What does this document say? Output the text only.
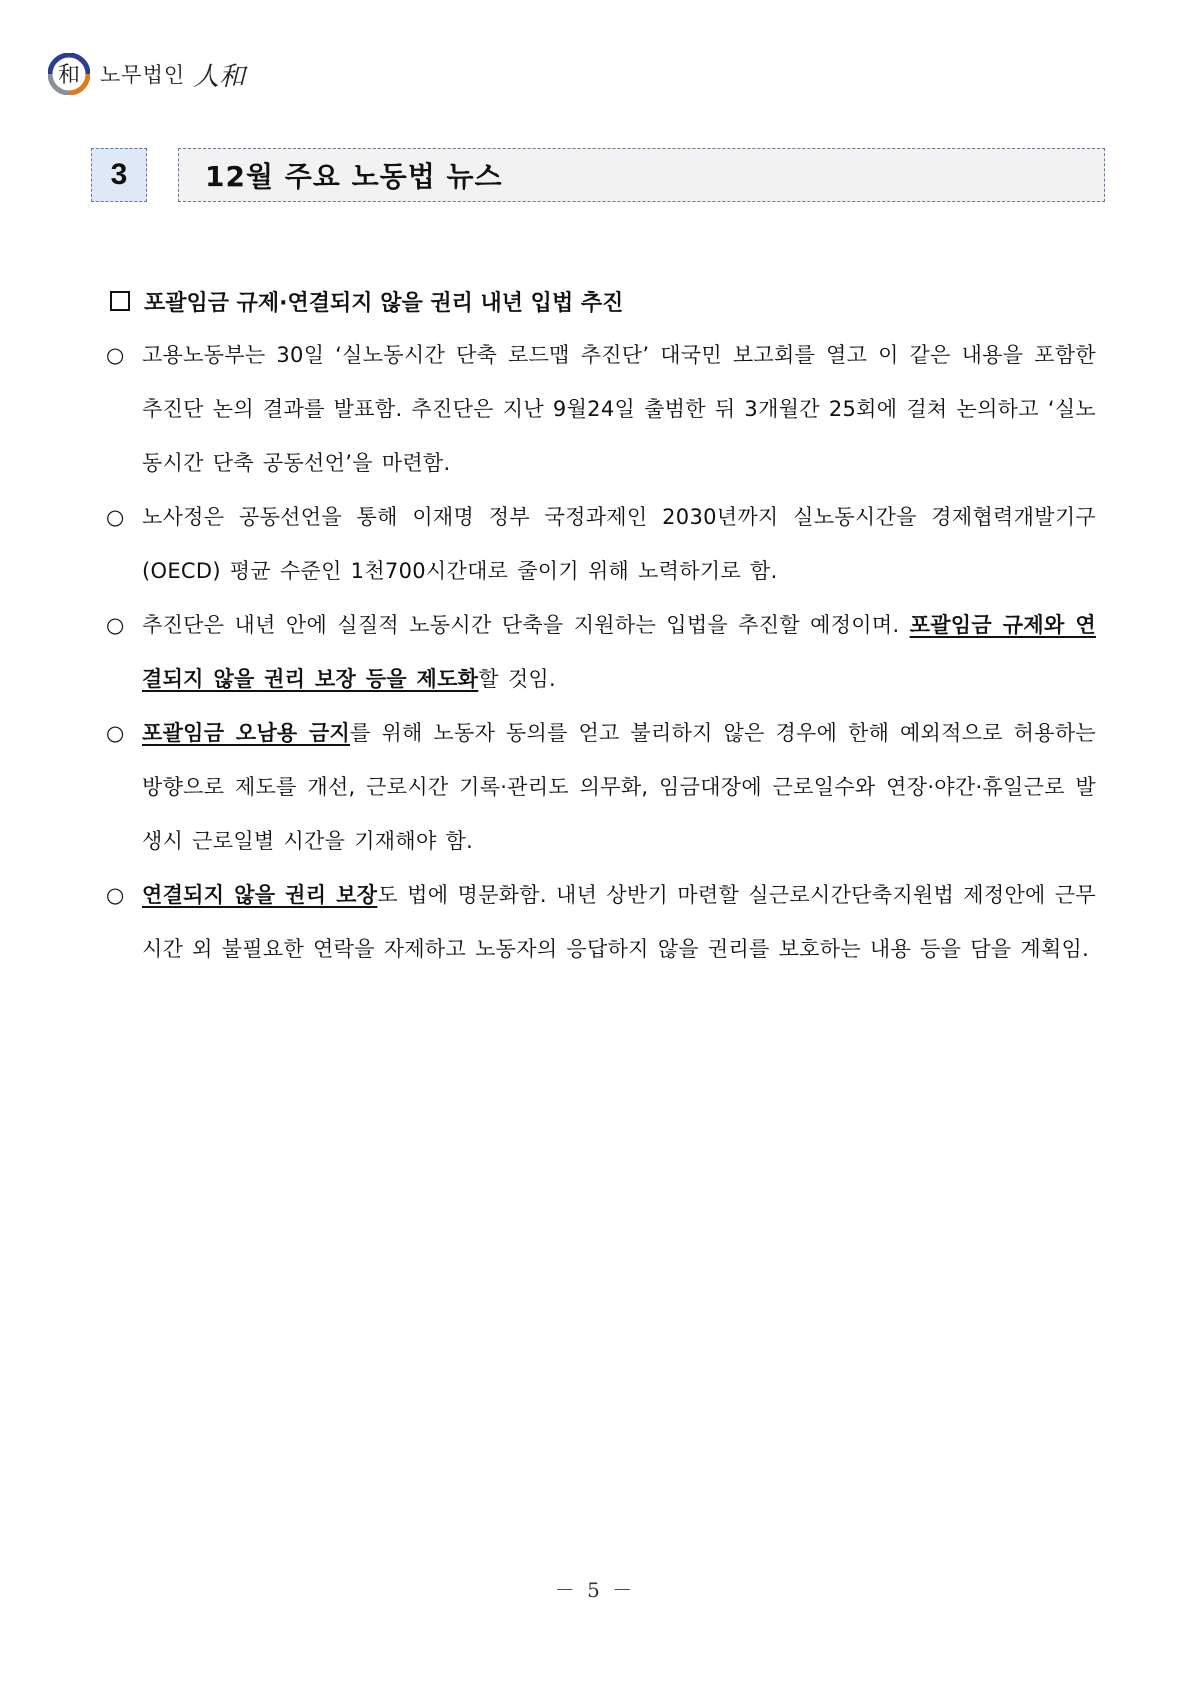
和 노무법인 人和
3	12월 주요 노동법 뉴스
포괄임금 규제·연결되지 않을 권리 내년 입법 추진
○ 고용노동부는 30일 ‘실노동시간 단축 로드맵 추진단’ 대국민 보고회를 열고 이 같은 내용을 포함한 추진단 논의 결과를 발표함. 추진단은 지난 9월24일 출범한 뒤 3개월간 25회에 걸쳐 논의하고 ‘실노동시간 단축 공동선언’을 마련함.
○ 노사정은 공동선언을 통해 이재명 정부 국정과제인 2030년까지 실노동시간을 경제협력개발기구(OECD) 평균 수준인 1천700시간대로 줄이기 위해 노력하기로 함.
○ 추진단은 내년 안에 실질적 노동시간 단축을 지원하는 입법을 추진할 예정이며. 포괄임금 규제와 연결되지 않을 권리 보장 등을 제도화할 것임.
○ 포괄임금 오남용 금지를 위해 노동자 동의를 얻고 불리하지 않은 경우에 한해 예외적으로 허용하는 방향으로 제도를 개선, 근로시간 기록·관리도 의무화, 임금대장에 근로일수와 연장·야간·휴일근로 발생시 근로일별 시간을 기재해야 함.
○ 연결되지 않을 권리 보장도 법에 명문화함. 내년 상반기 마련할 실근로시간단축지원법 제정안에 근무시간 외 불필요한 연락을 자제하고 노동자의 응답하지 않을 권리를 보호하는 내용 등을 담을 계획임.
－ 5 －
